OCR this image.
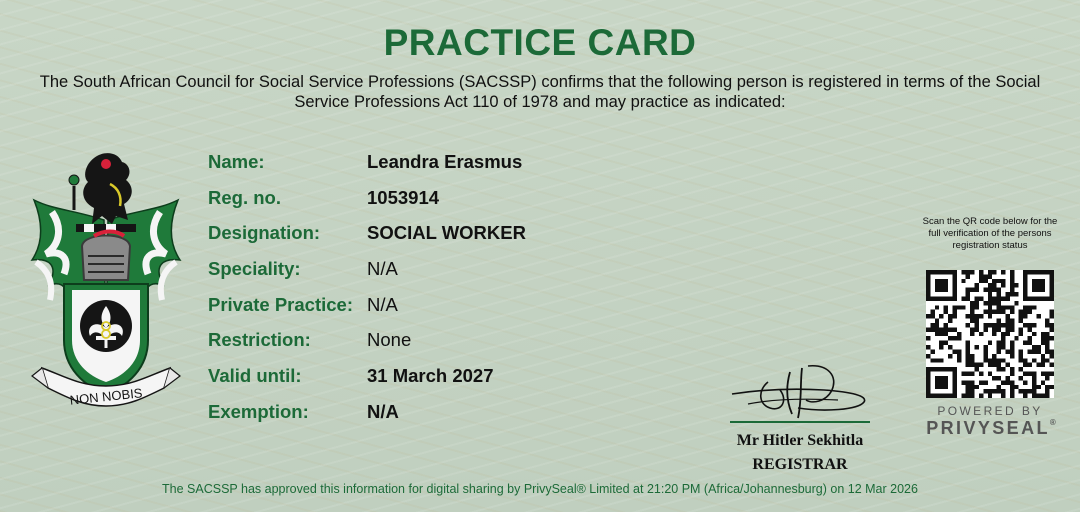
PRACTICE CARD
The South African Council for Social Service Professions (SACSSP) confirms that the following person is registered in terms of the Social Service Professions Act 110 of 1978 and may practice as indicated:
NON NOBIS
Name:	Leandra Erasmus
Reg. no.	1053914
Designation:	SOCIAL WORKER
Speciality:	N/A
Private Practice: N/A
Restriction:	None
Valid until:	31 March 2027
Exemption:	N/A
Mr Hitler Sekhitla
REGISTRAR
Scan the QR code below for the full verification of the persons registration status
POWERED BY
PRIVYSEAL®
The SACSSP has approved this information for digital sharing by PrivySeal® Limited at 21:20 PM (Africa/Johannesburg) on 12 Mar 2026
